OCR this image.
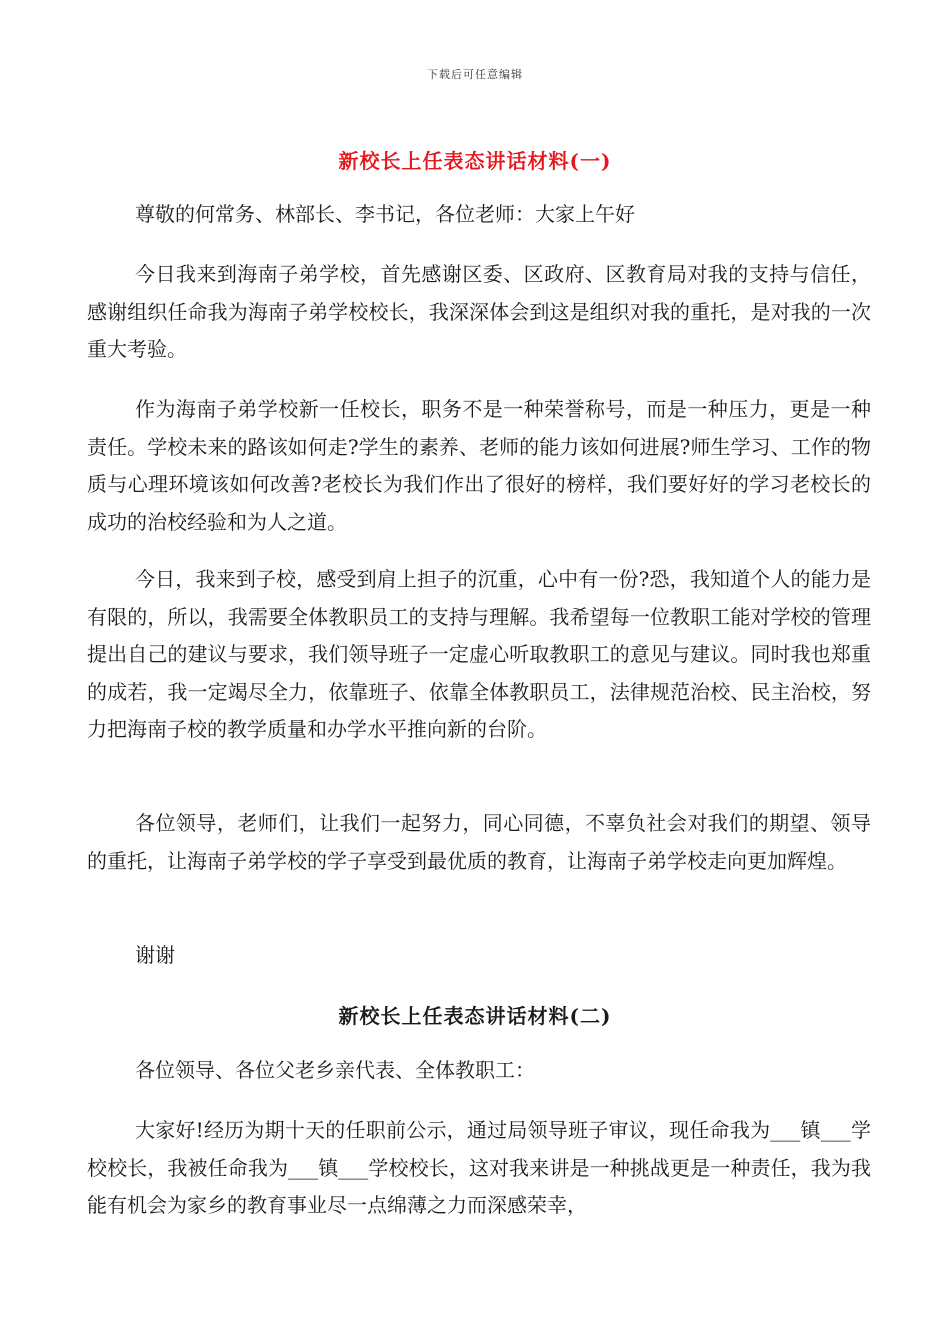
下载后可任意编辑
新校长上任表态讲话材料(一)

尊敬的何常务、林部长、李书记，各位老师：大家上午好

今日我来到海南子弟学校，首先感谢区委、区政府、区教育局对我的支持与信任，感谢组织任命我为海南子弟学校校长，我深深体会到这是组织对我的重托，是对我的一次重大考验。

作为海南子弟学校新一任校长，职务不是一种荣誉称号，而是一种压力，更是一种责任。学校未来的路该如何走?学生的素养、老师的能力该如何进展?师生学习、工作的物质与心理环境该如何改善?老校长为我们作出了很好的榜样，我们要好好的学习老校长的成功的治校经验和为人之道。

今日，我来到子校，感受到肩上担子的沉重，心中有一份?恐，我知道个人的能力是有限的，所以，我需要全体教职员工的支持与理解。我希望每一位教职工能对学校的管理提出自己的建议与要求，我们领导班子一定虚心听取教职工的意见与建议。同时我也郑重的成若，我一定竭尽全力，依靠班子、依靠全体教职员工，法律规范治校、民主治校，努力把海南子校的教学质量和办学水平推向新的台阶。

各位领导，老师们，让我们一起努力，同心同德，不辜负社会对我们的期望、领导的重托，让海南子弟学校的学子享受到最优质的教育，让海南子弟学校走向更加辉煌。

谢谢

新校长上任表态讲话材料(二)

各位领导、各位父老乡亲代表、全体教职工：

大家好!经历为期十天的任职前公示，通过局领导班子审议，现任命我为___镇___学校校长，我被任命我为___镇___学校校长，这对我来讲是一种挑战更是一种责任，我为我能有机会为家乡的教育事业尽一点绵薄之力而深感荣幸，
